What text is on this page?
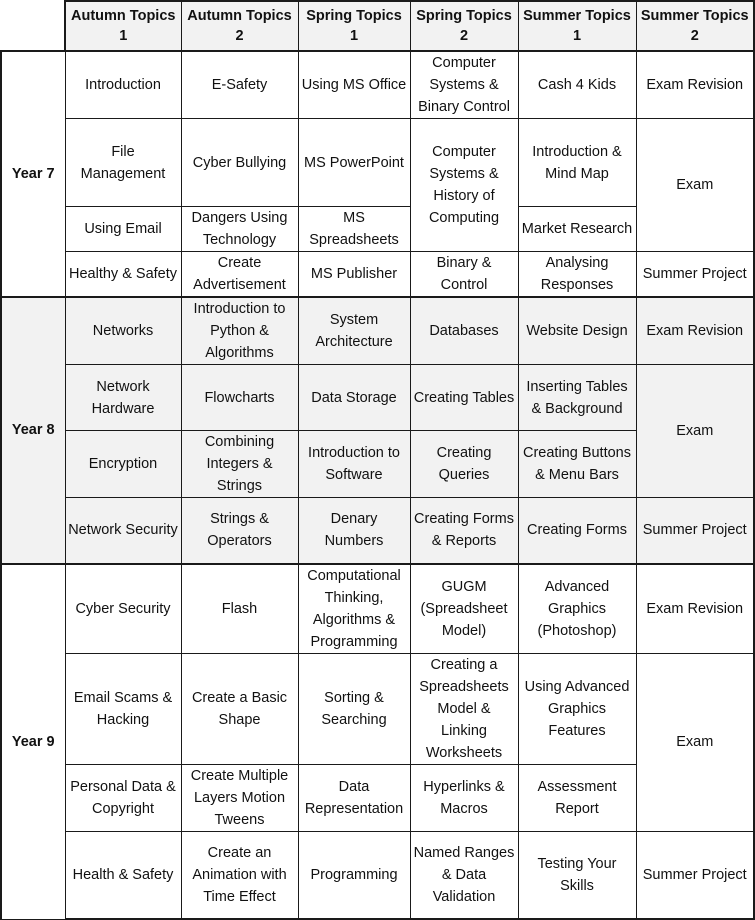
	Autumn Topics 1	Autumn Topics 2	Spring Topics 1	Spring Topics 2	Summer Topics 1	Summer Topics 2
Year 7	Introduction	E-Safety	Using MS Office	Computer Systems & Binary Control	Cash 4 Kids	Exam Revision
	File Management	Cyber Bullying	MS PowerPoint	Computer Systems & History of Computing	Introduction & Mind Map	Exam
	Using Email	Dangers Using Technology	MS Spreadsheets		Market Research	
	Healthy & Safety	Create Advertisement	MS Publisher	Binary & Control	Analysing Responses	Summer Project
Year 8	Networks	Introduction to Python & Algorithms	System Architecture	Databases	Website Design	Exam Revision
	Network Hardware	Flowcharts	Data Storage	Creating Tables	Inserting Tables & Background	Exam
	Encryption	Combining Integers & Strings	Introduction to Software	Creating Queries	Creating Buttons & Menu Bars	
	Network Security	Strings & Operators	Denary Numbers	Creating Forms & Reports	Creating Forms	Summer Project
Year 9	Cyber Security	Flash	Computational Thinking, Algorithms & Programming	GUGM (Spreadsheet Model)	Advanced Graphics (Photoshop)	Exam Revision
	Email Scams & Hacking	Create a Basic Shape	Sorting & Searching	Creating a Spreadsheets Model & Linking Worksheets	Using Advanced Graphics Features	Exam
	Personal Data & Copyright	Create Multiple Layers Motion Tweens	Data Representation	Hyperlinks & Macros	Assessment Report	
	Health & Safety	Create an Animation with Time Effect	Programming	Named Ranges & Data Validation	Testing Your Skills	Summer Project
